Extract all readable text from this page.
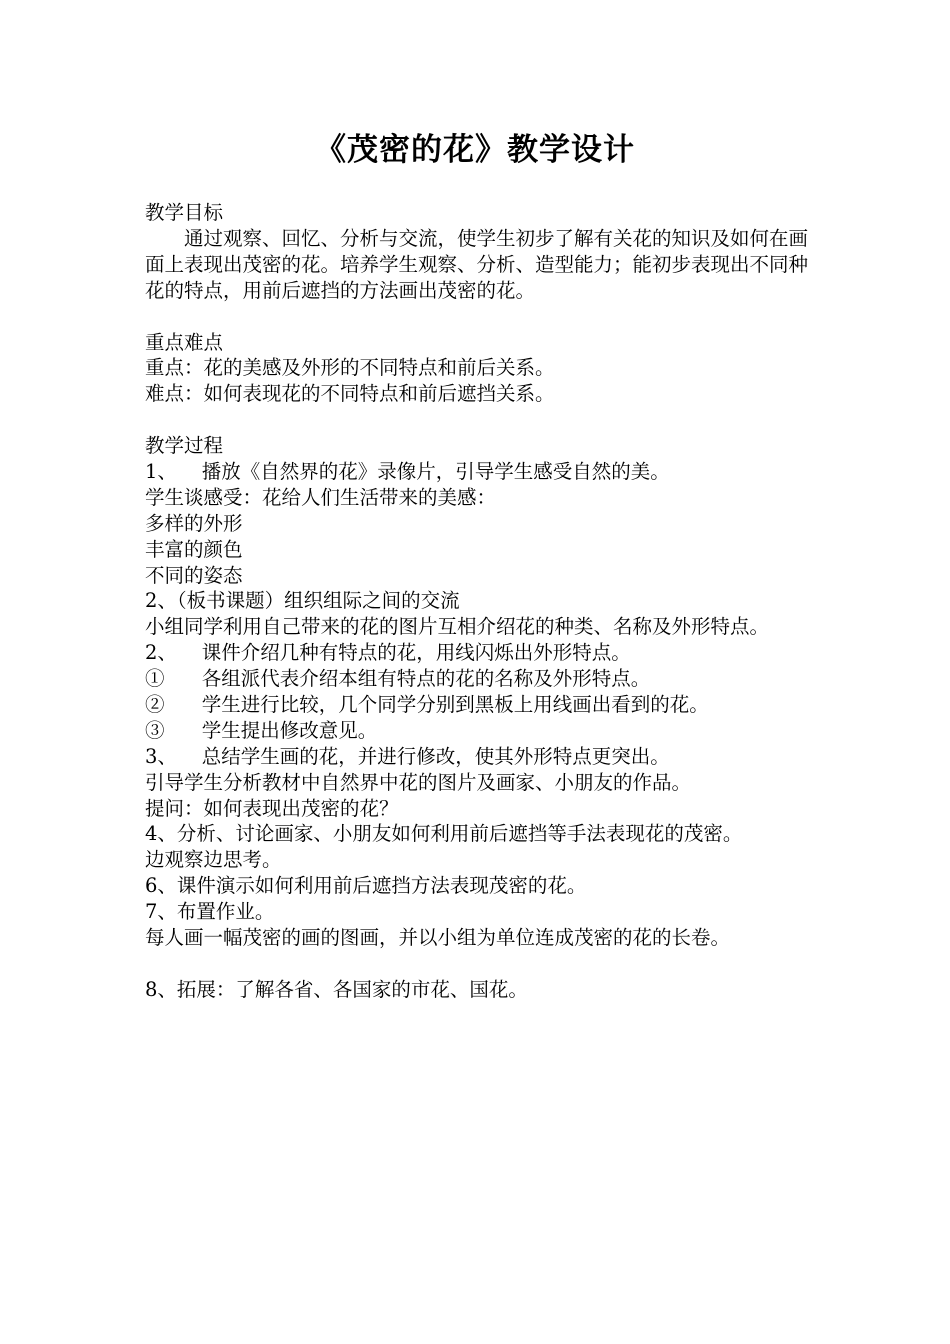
《茂密的花》教学设计
教学目标
通过观察、回忆、分析与交流，使学生初步了解有关花的知识及如何在画面上表现出茂密的花。培养学生观察、分析、造型能力；能初步表现出不同种花的特点，用前后遮挡的方法画出茂密的花。
重点难点
重点：花的美感及外形的不同特点和前后关系。
难点：如何表现花的不同特点和前后遮挡关系。
教学过程
1、    播放《自然界的花》录像片，引导学生感受自然的美。
学生谈感受：花给人们生活带来的美感：
多样的外形
丰富的颜色
不同的姿态
2、（板书课题）组织组际之间的交流
小组同学利用自己带来的花的图片互相介绍花的种类、名称及外形特点。
2、    课件介绍几种有特点的花，用线闪烁出外形特点。
①      各组派代表介绍本组有特点的花的名称及外形特点。
②      学生进行比较，几个同学分别到黑板上用线画出看到的花。
③      学生提出修改意见。
3、    总结学生画的花，并进行修改，使其外形特点更突出。
引导学生分析教材中自然界中花的图片及画家、小朋友的作品。
提问：如何表现出茂密的花？
4、分析、讨论画家、小朋友如何利用前后遮挡等手法表现花的茂密。
边观察边思考。
6、课件演示如何利用前后遮挡方法表现茂密的花。
7、布置作业。
每人画一幅茂密的画的图画，并以小组为单位连成茂密的花的长卷。
8、拓展：了解各省、各国家的市花、国花。
